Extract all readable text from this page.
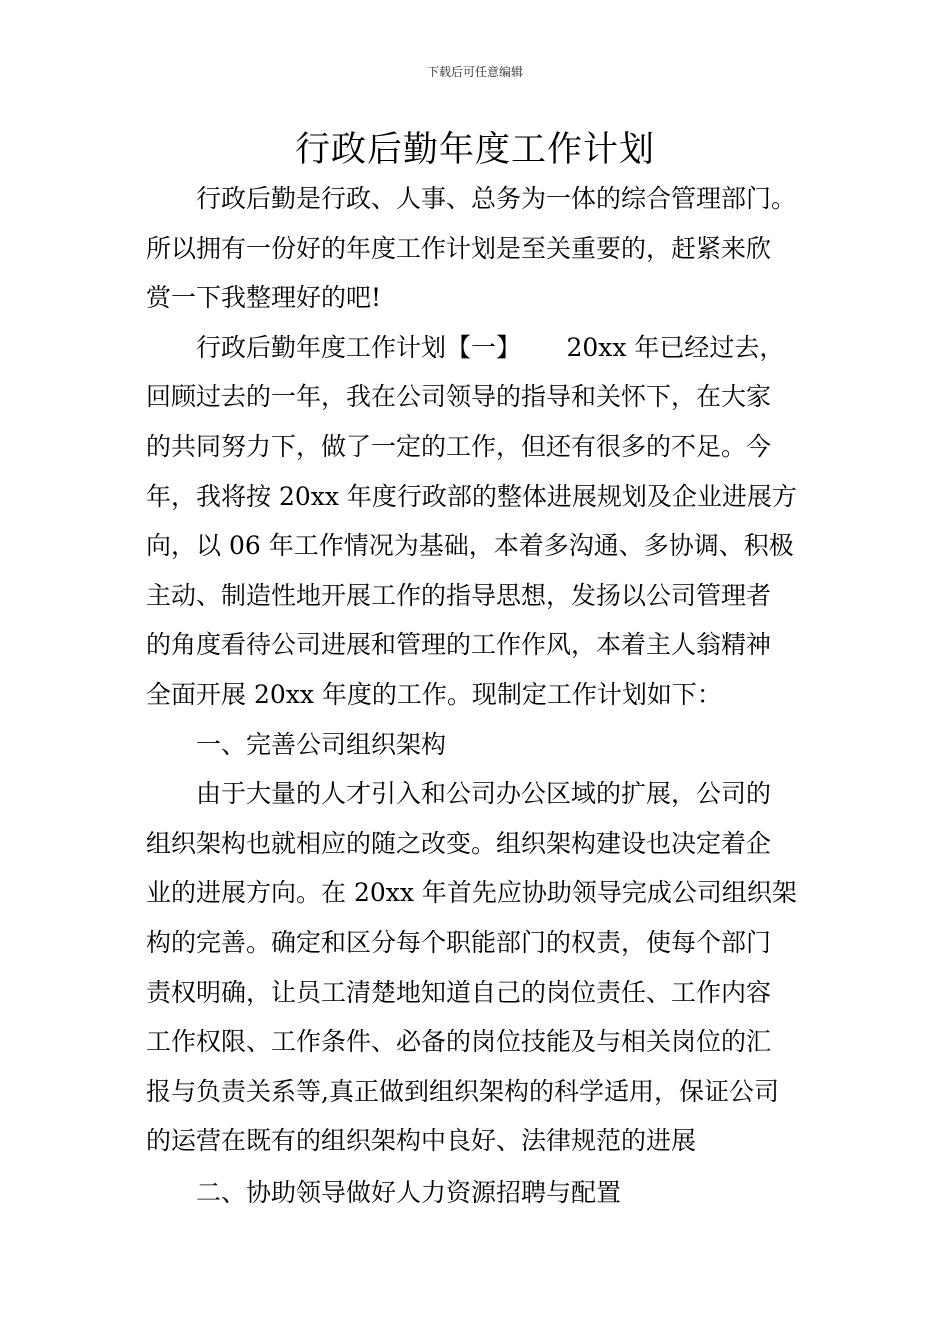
下载后可任意编辑
行政后勤年度工作计划
　　行政后勤是行政、人事、总务为一体的综合管理部门。
所以拥有一份好的年度工作计划是至关重要的，赶紧来欣
赏一下我整理好的吧!
　　行政后勤年度工作计划【一】　　 20xx 年已经过去，
回顾过去的一年，我在公司领导的指导和关怀下，在大家
的共同努力下，做了一定的工作，但还有很多的不足。今
年，我将按 20xx 年度行政部的整体进展规划及企业进展方
向，以 06 年工作情况为基础，本着多沟通、多协调、积极
主动、制造性地开展工作的指导思想，发扬以公司管理者
的角度看待公司进展和管理的工作作风，本着主人翁精神
全面开展 20xx 年度的工作。现制定工作计划如下：
　　一、完善公司组织架构
　　由于大量的人才引入和公司办公区域的扩展，公司的
组织架构也就相应的随之改变。组织架构建设也决定着企
业的进展方向。在 20xx 年首先应协助领导完成公司组织架
构的完善。确定和区分每个职能部门的权责，使每个部门
责权明确，让员工清楚地知道自己的岗位责任、工作内容
工作权限、工作条件、必备的岗位技能及与相关岗位的汇
报与负责关系等,真正做到组织架构的科学适用，保证公司
的运营在既有的组织架构中良好、法律规范的进展
　　二、协助领导做好人力资源招聘与配置
